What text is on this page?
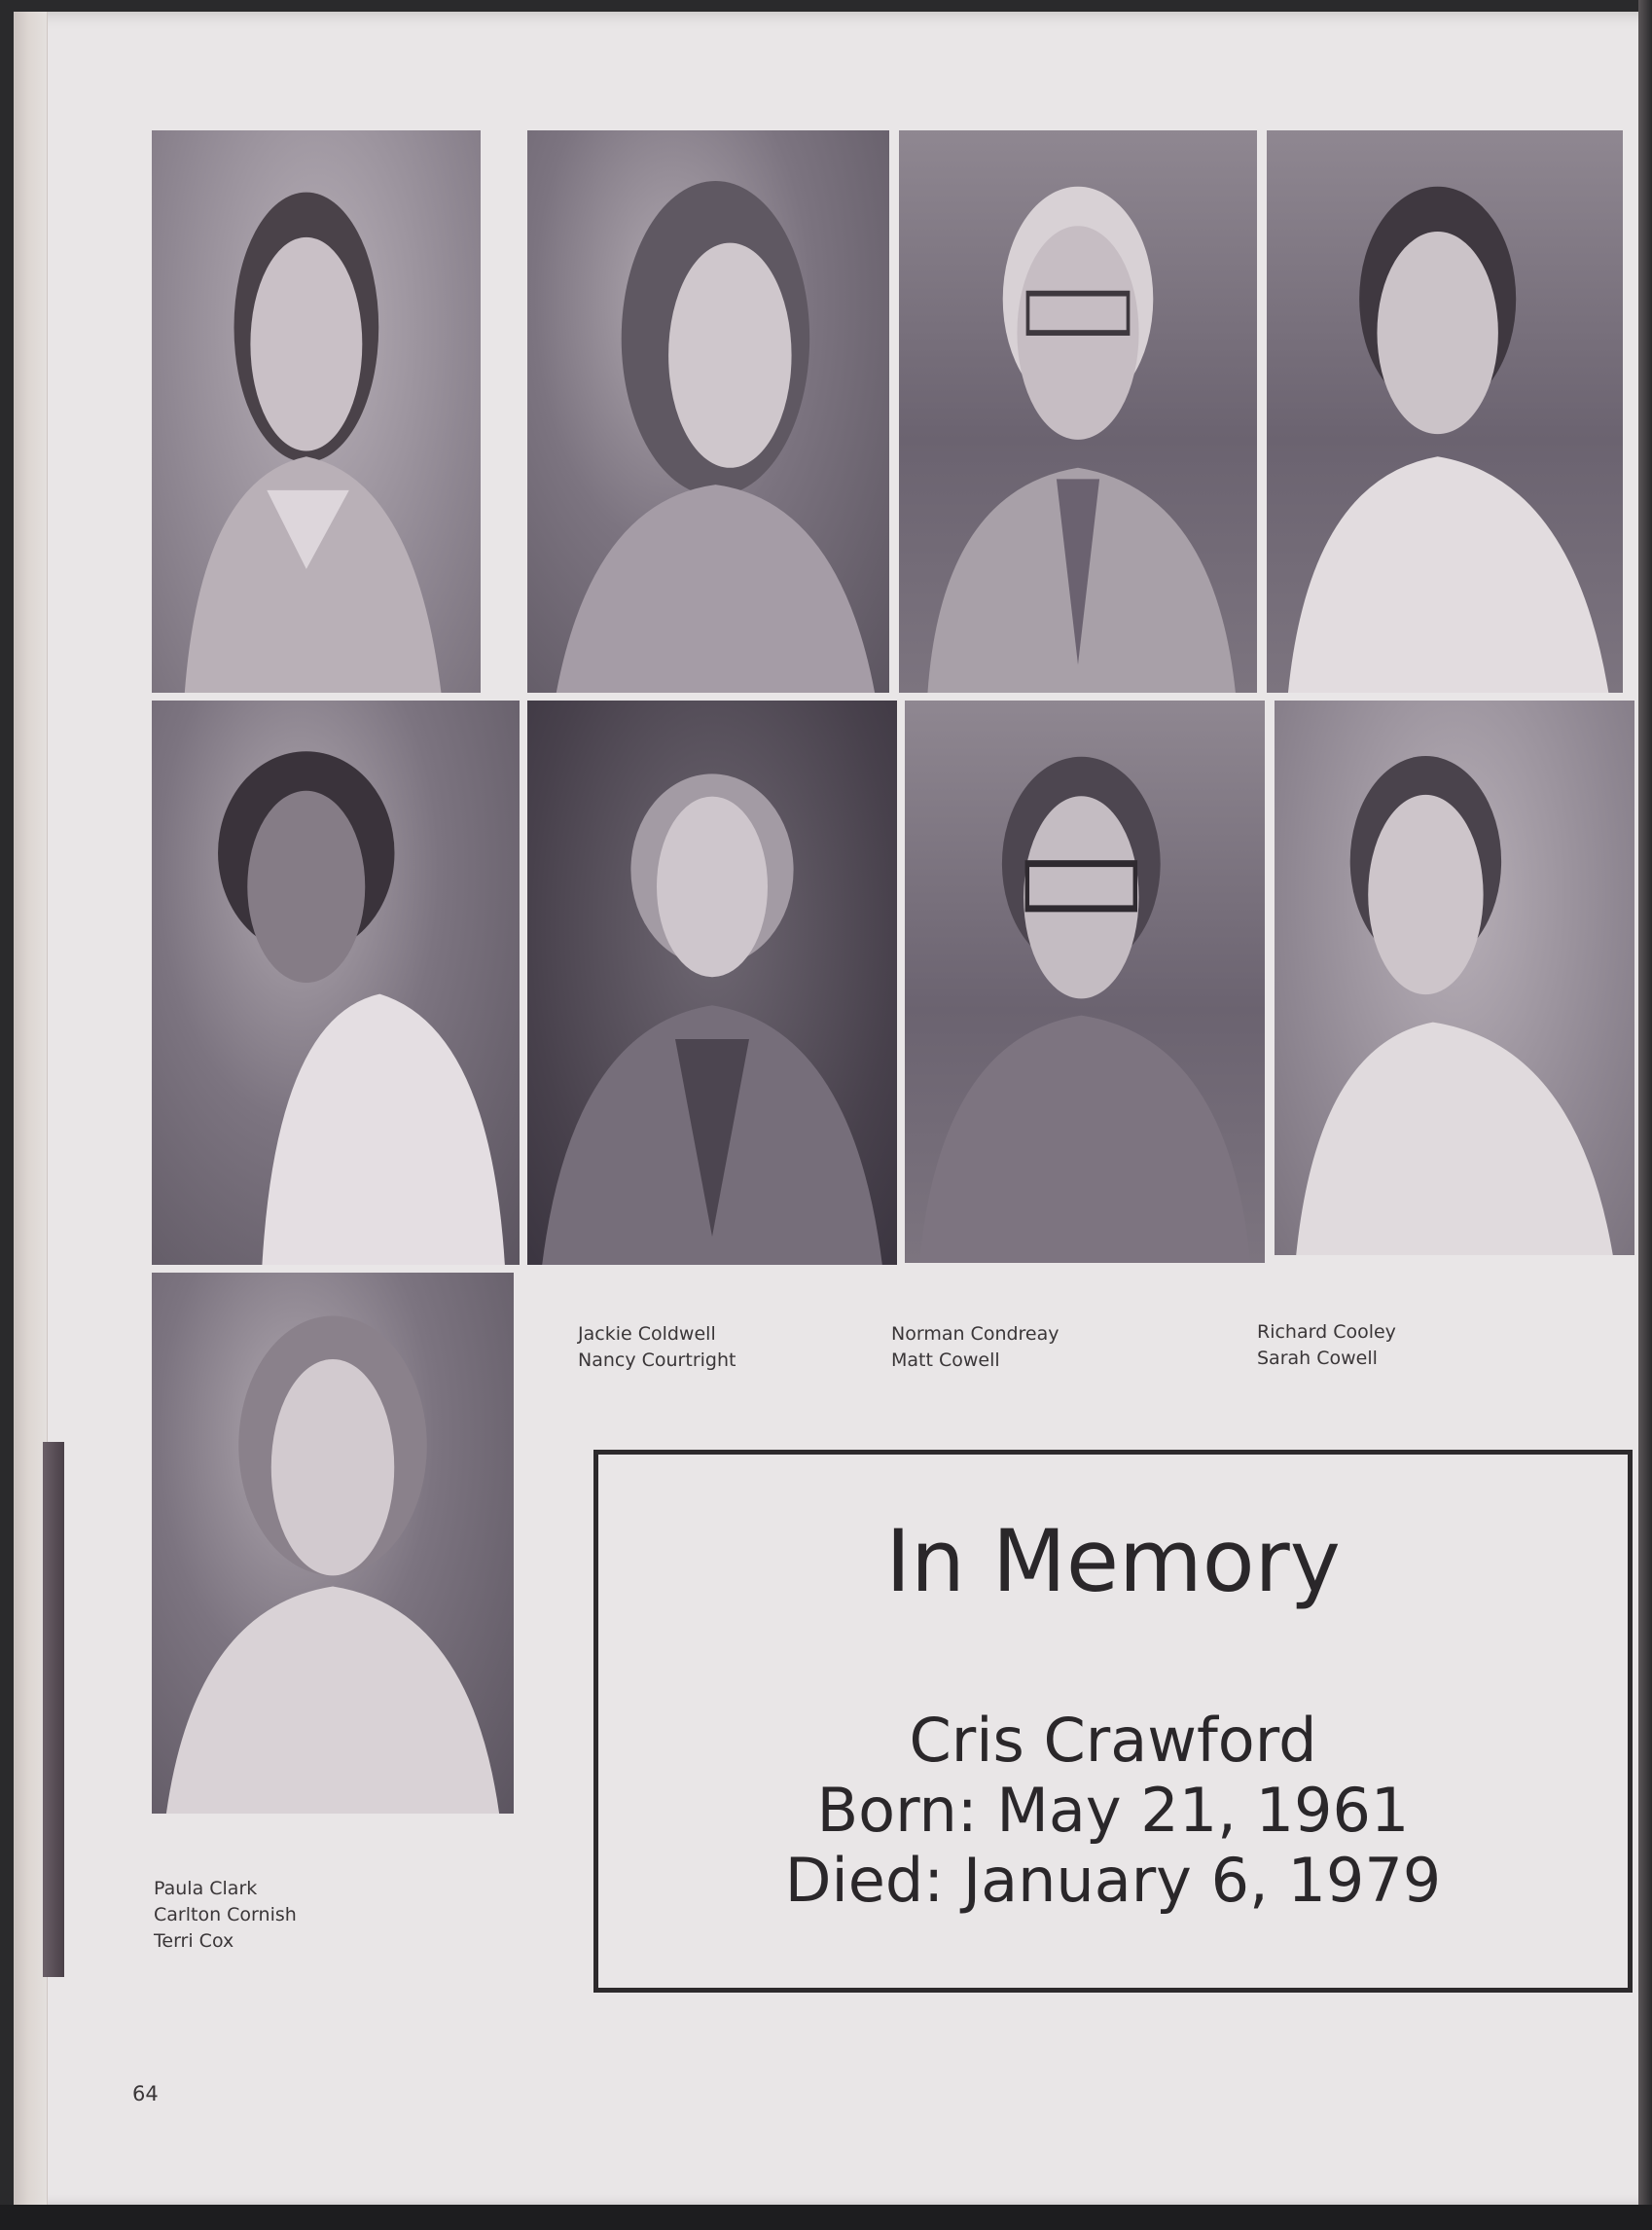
Jackie Coldwell
Nancy Courtright
Norman Condreay
Matt Cowell
Richard Cooley
Sarah Cowell
Paula Clark
Carlton Cornish
Terri Cox
In Memory
Cris Crawford
Born: May 21, 1961
Died: January 6, 1979
64
